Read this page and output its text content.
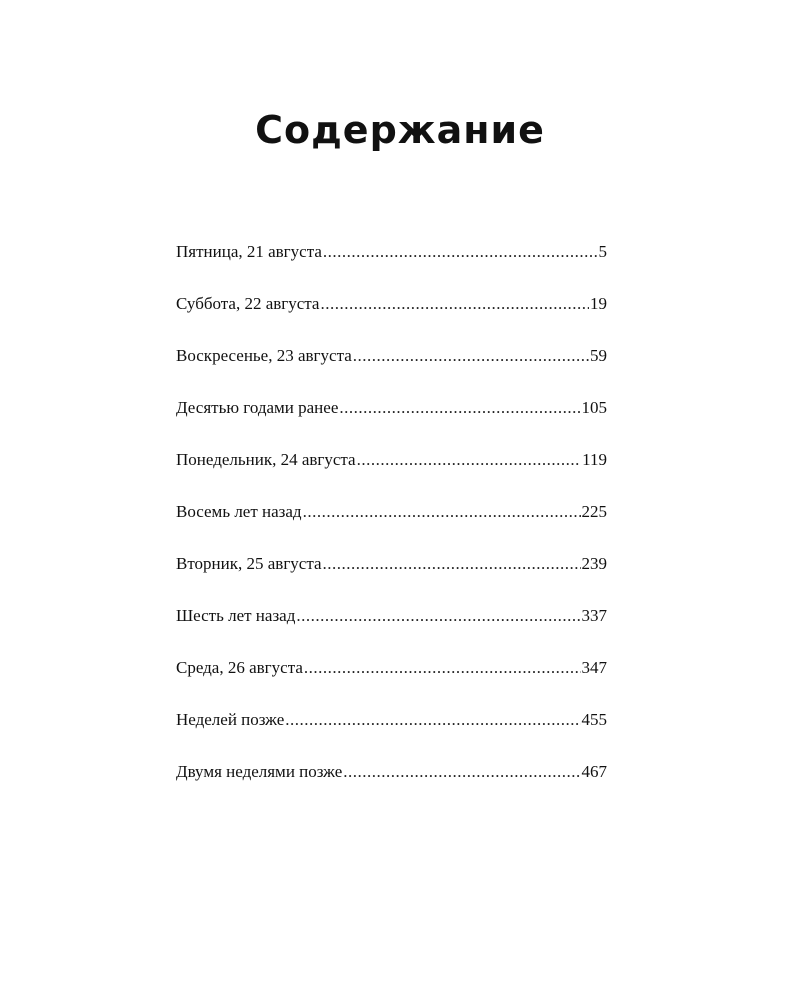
Содержание
Пятница, 21 августа .....	5
Суббота, 22 августа .....	19
Воскресенье, 23 августа .....	59
Десятью годами ранее .....	105
Понедельник, 24 августа .....	119
Восемь лет назад .....	225
Вторник, 25 августа .....	239
Шесть лет назад .....	337
Среда, 26 августа .....	347
Неделей позже .....	455
Двумя неделями позже .....	467
